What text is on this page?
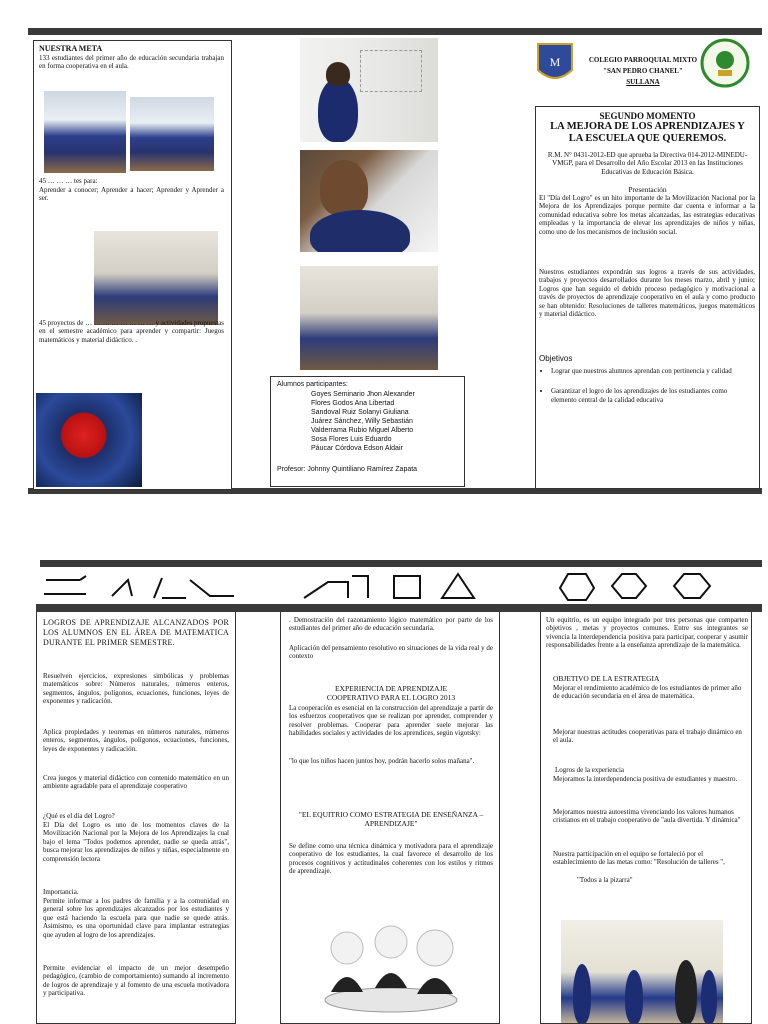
NUESTRA META
133 estudiantes del primer año de educación secundaria trabajan en forma cooperativa en el aula.
45 … … … tes para:
Aprender a conocer; Aprender a hacer; Aprender y Aprender a ser.
45 proyectos de … … … … … … … … y actividades propuestas en el semestre académico para aprender y compartir: Juegos matemáticos y material didáctico. .
Alumnos participantes:
Goyes Seminario Jhon Alexander
Flores Godos Ana Libertad
Sandoval Ruiz Solanyi Giuliana
Juárez Sánchez, Willy Sebastián
Valderrama Rubio Miguel Alberto
Sosa Flores Luis Eduardo
Páucar Córdova Edson Aldair
Profesor: Johnny Quintiliano Ramírez Zapata
M	COLEGIO PARROQUIAL MIXTO
"SAN PEDRO CHANEL"
SULLANA
SEGUNDO MOMENTO
LA MEJORA DE LOS APRENDIZAJES Y LA ESCUELA QUE QUEREMOS.
R.M. N° 0431-2012-ED que aprueba la Directiva 014-2012-MINEDU-VMGP, para el Desarrollo del Año Escolar 2013 en las Instituciones Educativas de Educación Básica.
Presentación
El "Día del Logro" es un hito importante de la Movilización Nacional por la Mejora de los Aprendizajes porque permite dar cuenta e informar a la comunidad educativa sobre los metas alcanzadas, las estrategias educativas empleadas y la importancia de elevar los aprendizajes de niños y niñas, como uno de los mecanismos de inclusión social.
Nuestros estudiantes expondrán sus logros a través de sus actividades, trabajos y proyectos desarrollados durante los meses marzo, abril y junio; Logros que han seguido el debido proceso pedagógico y motivacional a través de proyectos de aprendizaje cooperativo en el aula y como producto se han obtenido: Resoluciones de talleres matemáticos, juegos matemáticos y material didáctico.
Objetivos
• Lograr que nuestros alumnos aprendan con pertinencia y calidad
• Garantizar el logro de los aprendizajes de los estudiantes como elemento central de la calidad educativa
LOGROS DE APRENDIZAJE ALCANZADOS POR LOS ALUMNOS EN EL ÁREA DE MATEMATICA DURANTE EL PRIMER SEMESTRE.
Resuelven ejercicios, expresiones simbólicas y problemas matemáticos sobre: Números naturales, números enteros, segmentos, ángulos, polígonos, ecuaciones, funciones, leyes de exponentes y radicación.
Aplica propiedades y teoremas en números naturales, números enteros, segmentos, ángulos, polígonos, ecuaciones, funciones, leyes de exponentes y radicación.
Crea juegos y material didáctico con contenido matemático en un ambiente agradable para el aprendizaje cooperativo
¿Qué es el día del Logro?
El Día del Logro es uno de los momentos claves de la Movilización Nacional por la Mejora de los Aprendizajes la cual bajo el lema "Todos podemos aprender, nadie se queda atrás", busca mejorar los aprendizajes de niños y niñas, especialmente en comprensión lectora
Importancia.
Permite informar a los padres de familia y a la comunidad en general sobre los aprendizajes alcanzados por los estudiantes y que está haciendo la escuela para que nadie se quede atrás. Asimismo, es una oportunidad clave para implantar estrategias que ayuden al logro de los aprendizajes.
Permite evidenciar el impacto de un mejor desempeño pedagógico, (cambio de comportamiento) sumando al incremento de logros de aprendizaje y al fomento de una escuela motivadora y participativa.
. Demostración del razonamiento lógico matemático por parte de los estudiantes del primer año de educación secundaria.
Aplicación del pensamiento resolutivo en situaciones de la vida real y de contexto
EXPERIENCIA DE APRENDIZAJE COOPERATIVO PARA EL LOGRO 2013
La cooperación es esencial en la construcción del aprendizaje a partir de los esfuerzos cooperativos que se realizan por aprender, comprender y resolver problemas. Cooperar para aprender suele mejorar las habilidades sociales y actividades de los aprendices, según vigotsky:
"lo que los niños hacen juntos hoy, podrán hacerlo solos mañana".
"EL EQUITRIO COMO ESTRATEGIA DE ENSEÑANZA – APRENDIZAJE"
Se define como una técnica dinámica y motivadora para el aprendizaje cooperativo de los estudiantes, la cual favorece el desarrollo de los procesos cognitivos y actitudinales coherentes con los estilos y ritmos de aprendizaje.
Un equitrío, es un equipo integrado por tres personas que comparten objetivos , metas y proyectos comunes. Entre sus integrantes se vivencia la interdependencia positiva para participar, cooperar y asumir responsabilidades frente a la enseñanza aprendizaje de la matemática.
OBJETIVO DE LA ESTRATEGIA
Mejorar el rendimiento académico de los estudiantes de primer año de educación secundaria en el área de matemática.
Mejorar nuestras actitudes cooperativas para el trabajo dinámico en el aula.
Logros de la experiencia
Mejoramos la interdependencia positiva de estudiantes y maestro.
Mejoramos nuestra autoestima vivenciando los valores humanos cristianos en el trabajo cooperativo de "aula divertida. Y dinámica"
Nuestra participación en el equipo se fortaleció por el establecimiento de las metas como: "Resolución de talleres ",
"Todos a la pizarra"
